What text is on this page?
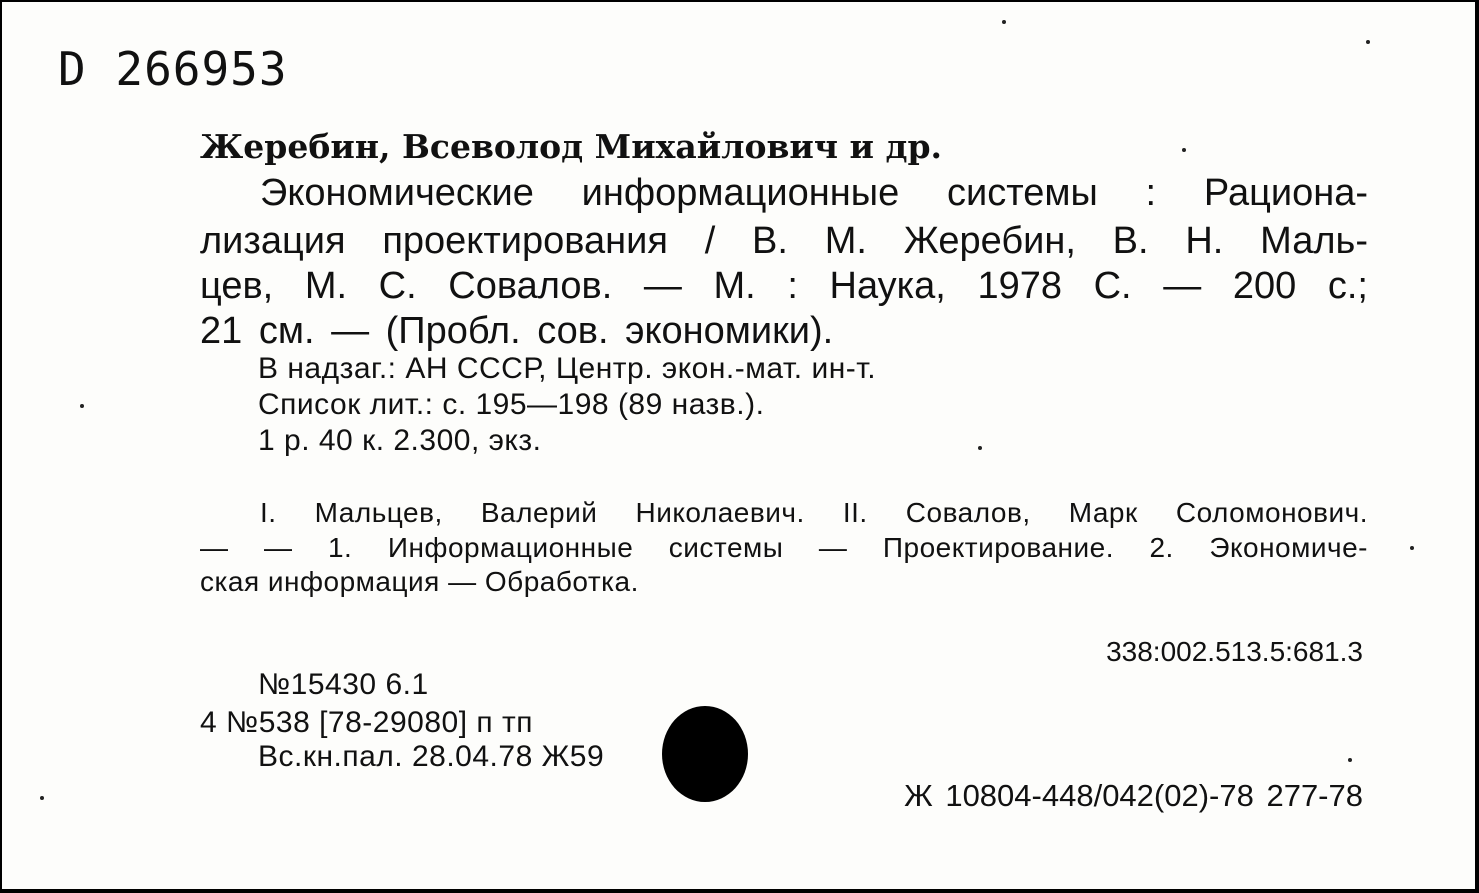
D 266953
Жеребин, Всеволод Михайлович и др.
Экономические информационные системы : Рациона-
лизация проектирования / В. М. Жеребин, В. Н. Маль-
цев, М. С. Совалов. — М. : Наука, 1978 С. — 200 с.;
21 см. — (Пробл. сов. экономики).
В надзаг.: АН СССР, Центр. экон.-мат. ин-т.
Список лит.: с. 195—198 (89 назв.).
1 р. 40 к. 2.300, экз.
I. Мальцев, Валерий Николаевич. II. Совалов, Марк Соломонович.
— — 1. Информационные системы — Проектирование. 2. Экономиче-
ская информация — Обработка.
338:002.513.5:681.3
№15430 6.1
4 №538 [78-29080] п тп
Вс.кн.пал. 28.04.78 Ж59
Ж 10804-448/042(02)-78 277-78
